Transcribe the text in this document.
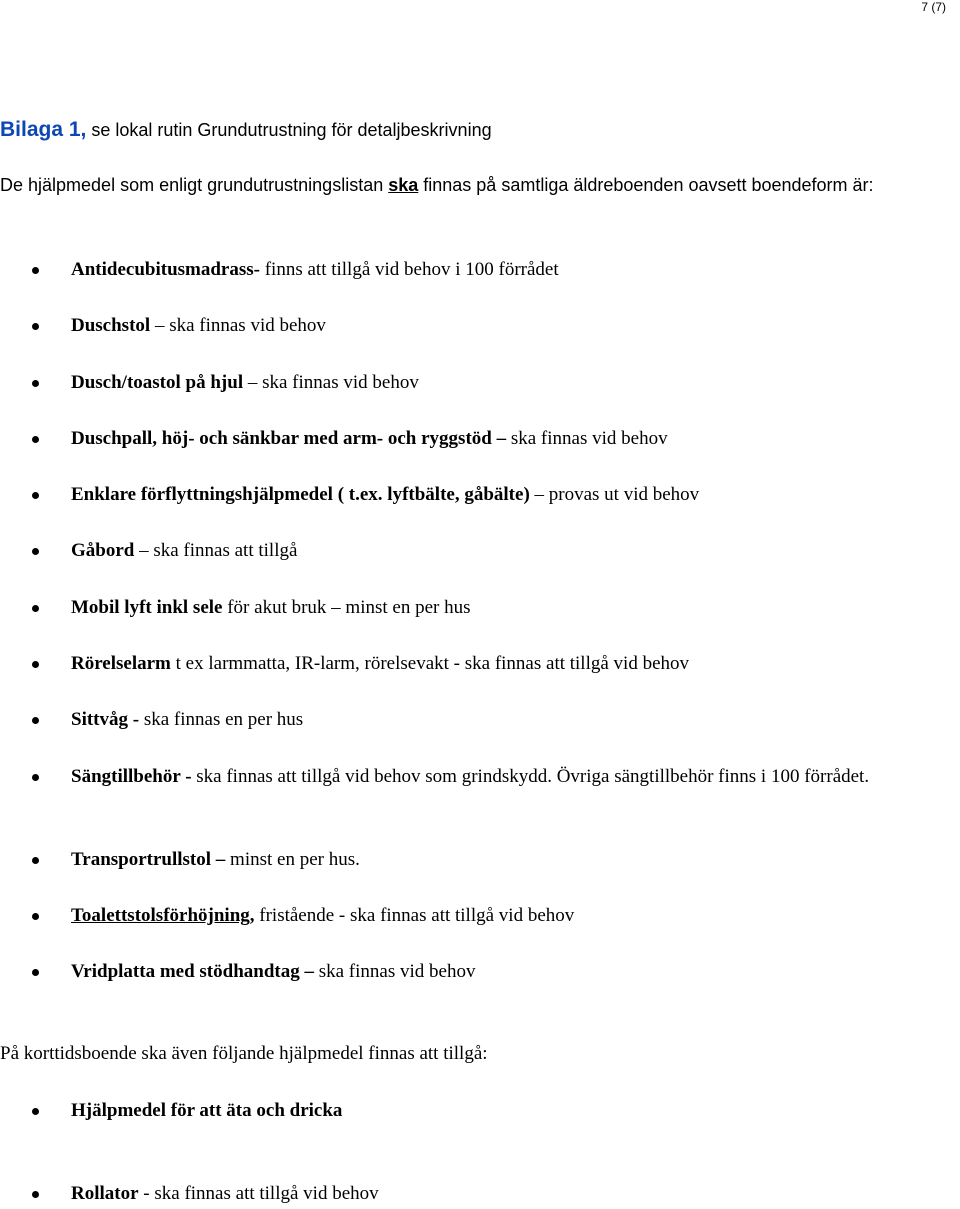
7 (7)
Bilaga 1, se lokal rutin Grundutrustning för detaljbeskrivning
De hjälpmedel som enligt grundutrustningslistan ska finnas på samtliga äldreboenden oavsett boendeform är:
Antidecubitusmadrass- finns att tillgå vid behov i 100 förrådet
Duschstol – ska finnas vid behov
Dusch/toastol på hjul – ska finnas vid behov
Duschpall, höj- och sänkbar med arm- och ryggstöd – ska finnas vid behov
Enklare förflyttningshjälpmedel ( t.ex. lyftbälte, gåbälte) – provas ut vid behov
Gåbord – ska finnas att tillgå
Mobil lyft inkl sele för akut bruk – minst en per hus
Rörelselarm t ex larmmatta, IR-larm, rörelsevakt - ska finnas att tillgå vid behov
Sittvåg - ska finnas en per hus
Sängtillbehör - ska finnas att tillgå vid behov som grindskydd. Övriga sängtillbehör finns i 100 förrådet.
Transportrullstol – minst en per hus.
Toalettstolsförhöjning, fristående - ska finnas att tillgå vid behov
Vridplatta med stödhandtag – ska finnas vid behov
På korttidsboende ska även följande hjälpmedel finnas att tillgå:
Hjälpmedel för att äta och dricka
Rollator - ska finnas att tillgå vid behov
